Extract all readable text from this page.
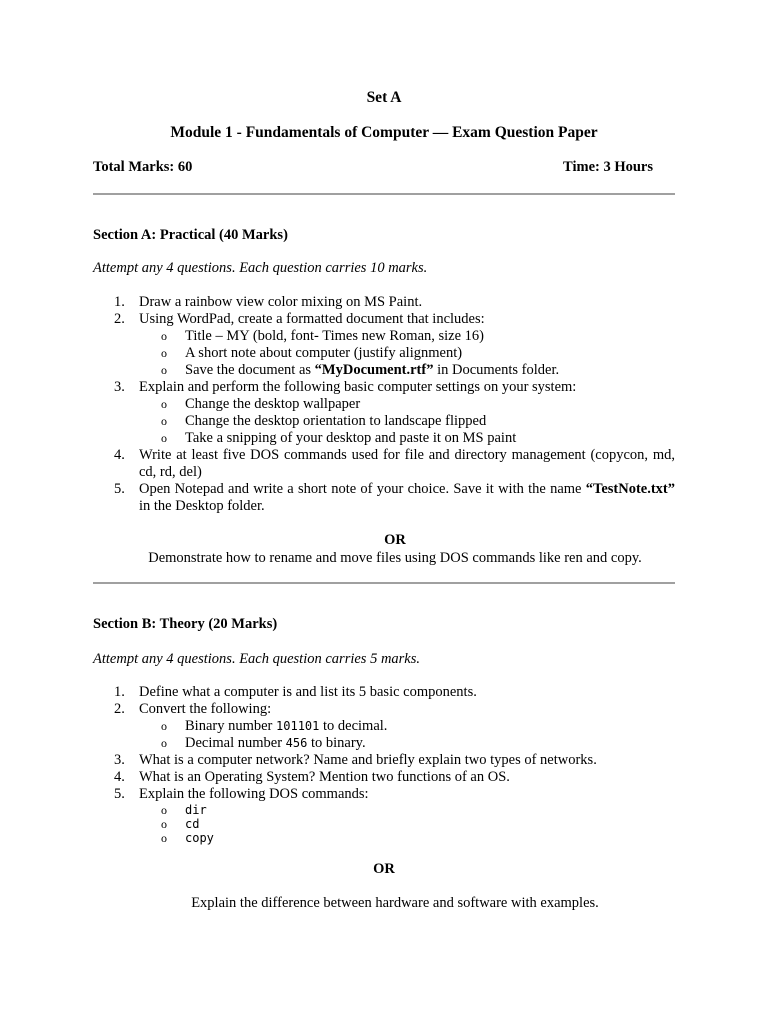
Set A
Module 1 - Fundamentals of Computer — Exam Question Paper
Total Marks: 60	Time: 3 Hours
Section A: Practical (40 Marks)
Attempt any 4 questions. Each question carries 10 marks.
1. Draw a rainbow view color mixing on MS Paint.
2. Using WordPad, create a formatted document that includes:
o Title – MY (bold, font- Times new Roman, size 16)
o A short note about computer (justify alignment)
o Save the document as “MyDocument.rtf” in Documents folder.
3. Explain and perform the following basic computer settings on your system:
o Change the desktop wallpaper
o Change the desktop orientation to landscape flipped
o Take a snipping of your desktop and paste it on MS paint
4. Write at least five DOS commands used for file and directory management (copycon, md, cd, rd, del)
5. Open Notepad and write a short note of your choice. Save it with the name “TestNote.txt” in the Desktop folder.
OR
Demonstrate how to rename and move files using DOS commands like ren and copy.
Section B: Theory (20 Marks)
Attempt any 4 questions. Each question carries 5 marks.
1. Define what a computer is and list its 5 basic components.
2. Convert the following:
o Binary number 101101 to decimal.
o Decimal number 456 to binary.
3. What is a computer network? Name and briefly explain two types of networks.
4. What is an Operating System? Mention two functions of an OS.
5. Explain the following DOS commands:
o dir
o cd
o copy
OR
Explain the difference between hardware and software with examples.
